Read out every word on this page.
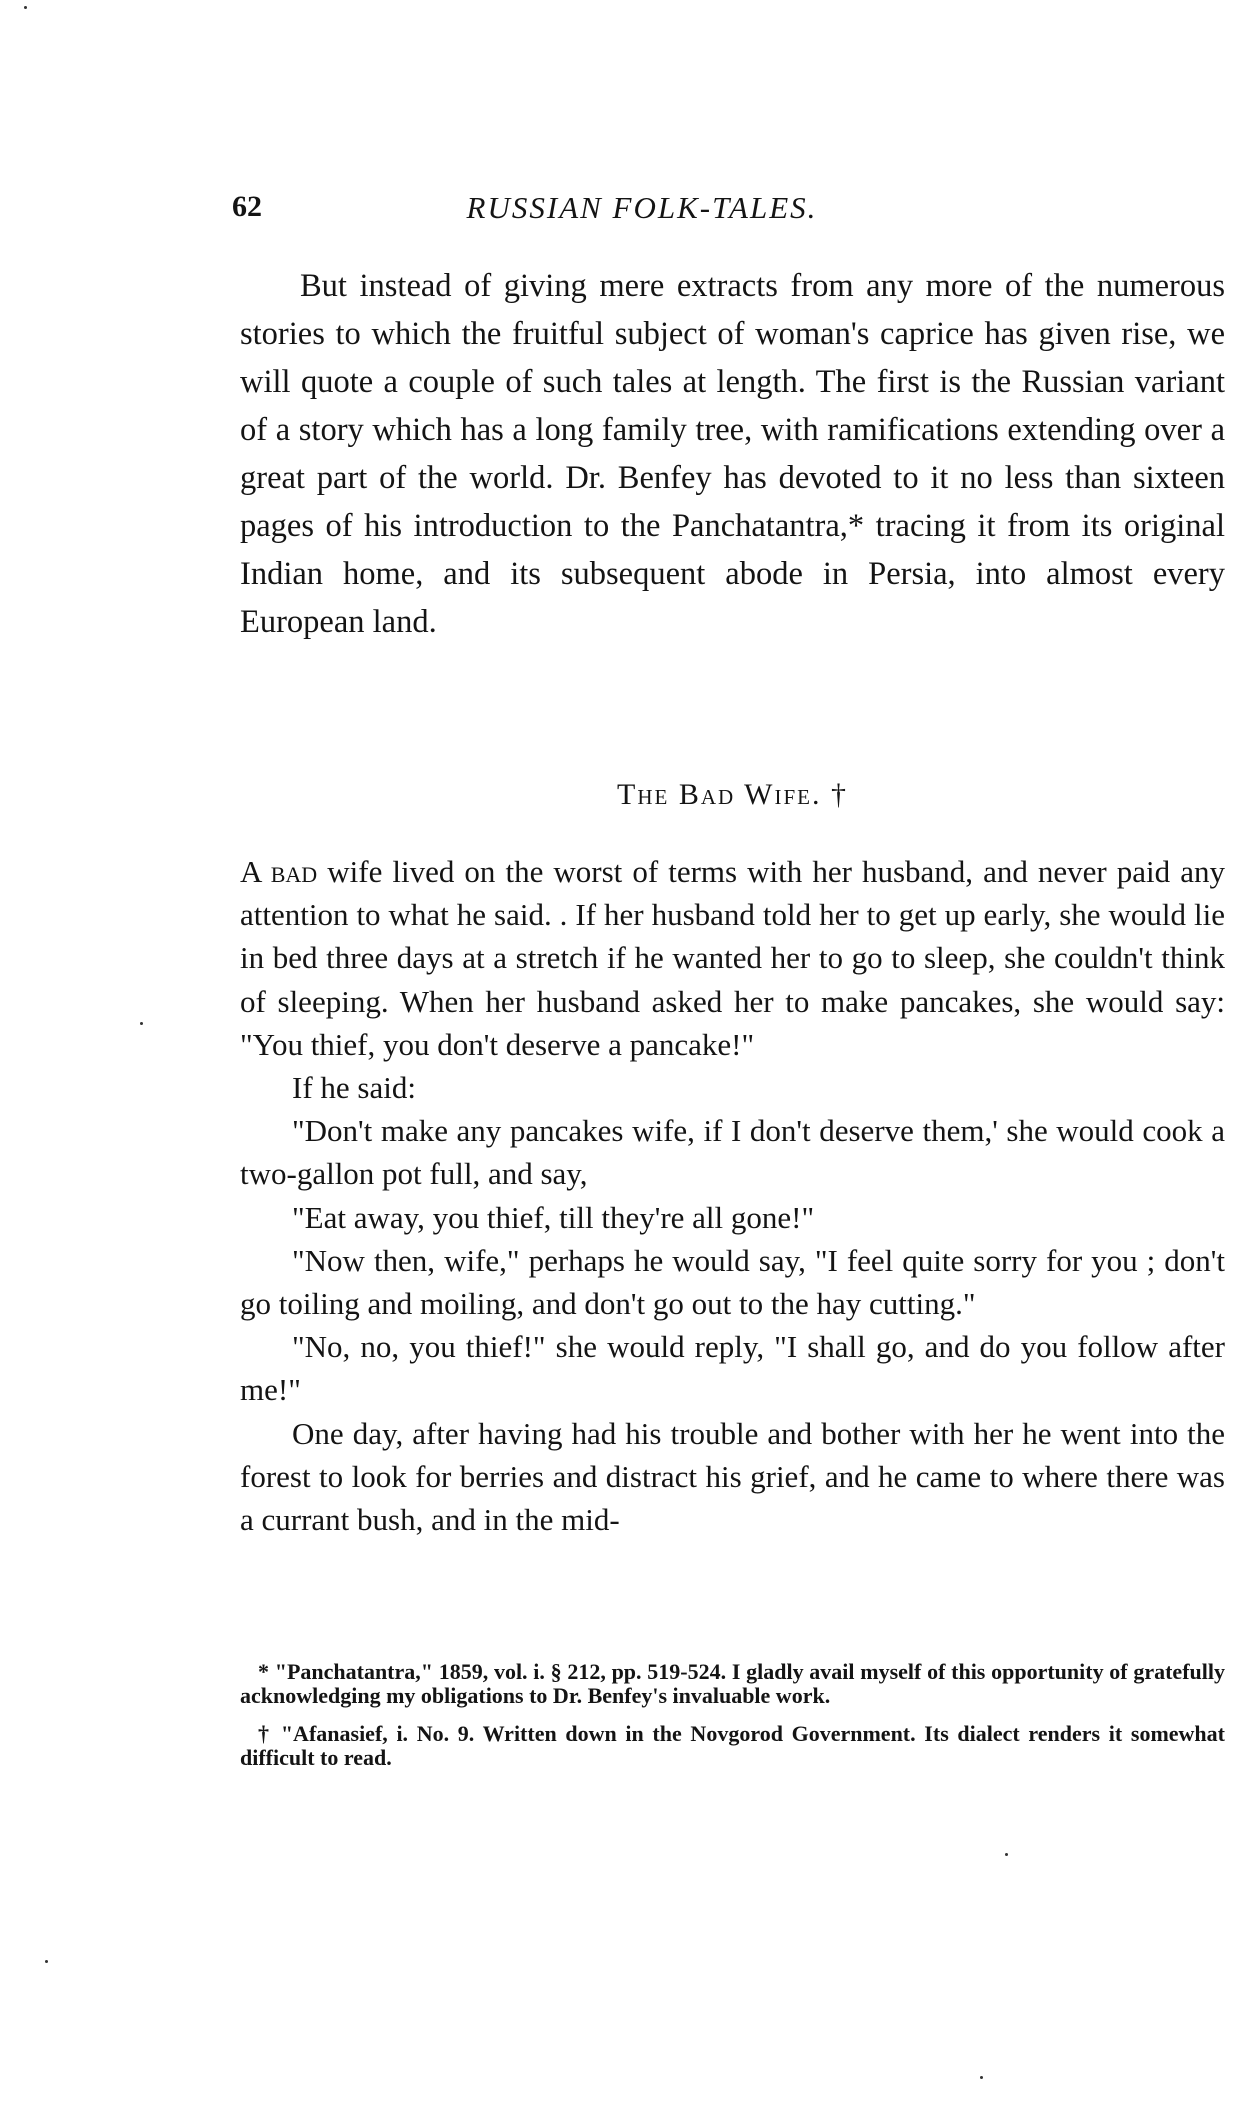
62	RUSSIAN FOLK-TALES.

But instead of giving mere extracts from any more of the numerous stories to which the fruitful subject of woman's caprice has given rise, we will quote a couple of such tales at length. The first is the Russian variant of a story which has a long family tree, with ramifications extending over a great part of the world. Dr. Benfey has devoted to it no less than sixteen pages of his introduction to the Panchatantra,* tracing it from its original Indian home, and its subsequent abode in Persia, into almost every European land.

The Bad Wife. †

A bad wife lived on the worst of terms with her husband, and never paid any attention to what he said. . If her husband told her to get up early, she would lie in bed three days at a stretch if he wanted her to go to sleep, she couldn't think of sleeping. When her husband asked her to make pancakes, she would say: "You thief, you don't deserve a pancake!"

If he said:

"Don't make any pancakes wife, if I don't deserve them,' she would cook a two-gallon pot full, and say,

"Eat away, you thief, till they're all gone!"

"Now then, wife," perhaps he would say, "I feel quite sorry for you ; don't go toiling and moiling, and don't go out to the hay cutting."

"No, no, you thief!" she would reply, "I shall go, and do you follow after me!"

One day, after having had his trouble and bother with her he went into the forest to look for berries and distract his grief, and he came to where there was a currant bush, and in the mid-

* "Panchatantra," 1859, vol. i. § 212, pp. 519-524. I gladly avail myself of this opportunity of gratefully acknowledging my obligations to Dr. Benfey's invaluable work.

† "Afanasief, i. No. 9. Written down in the Novgorod Government. Its dialect renders it somewhat difficult to read.
